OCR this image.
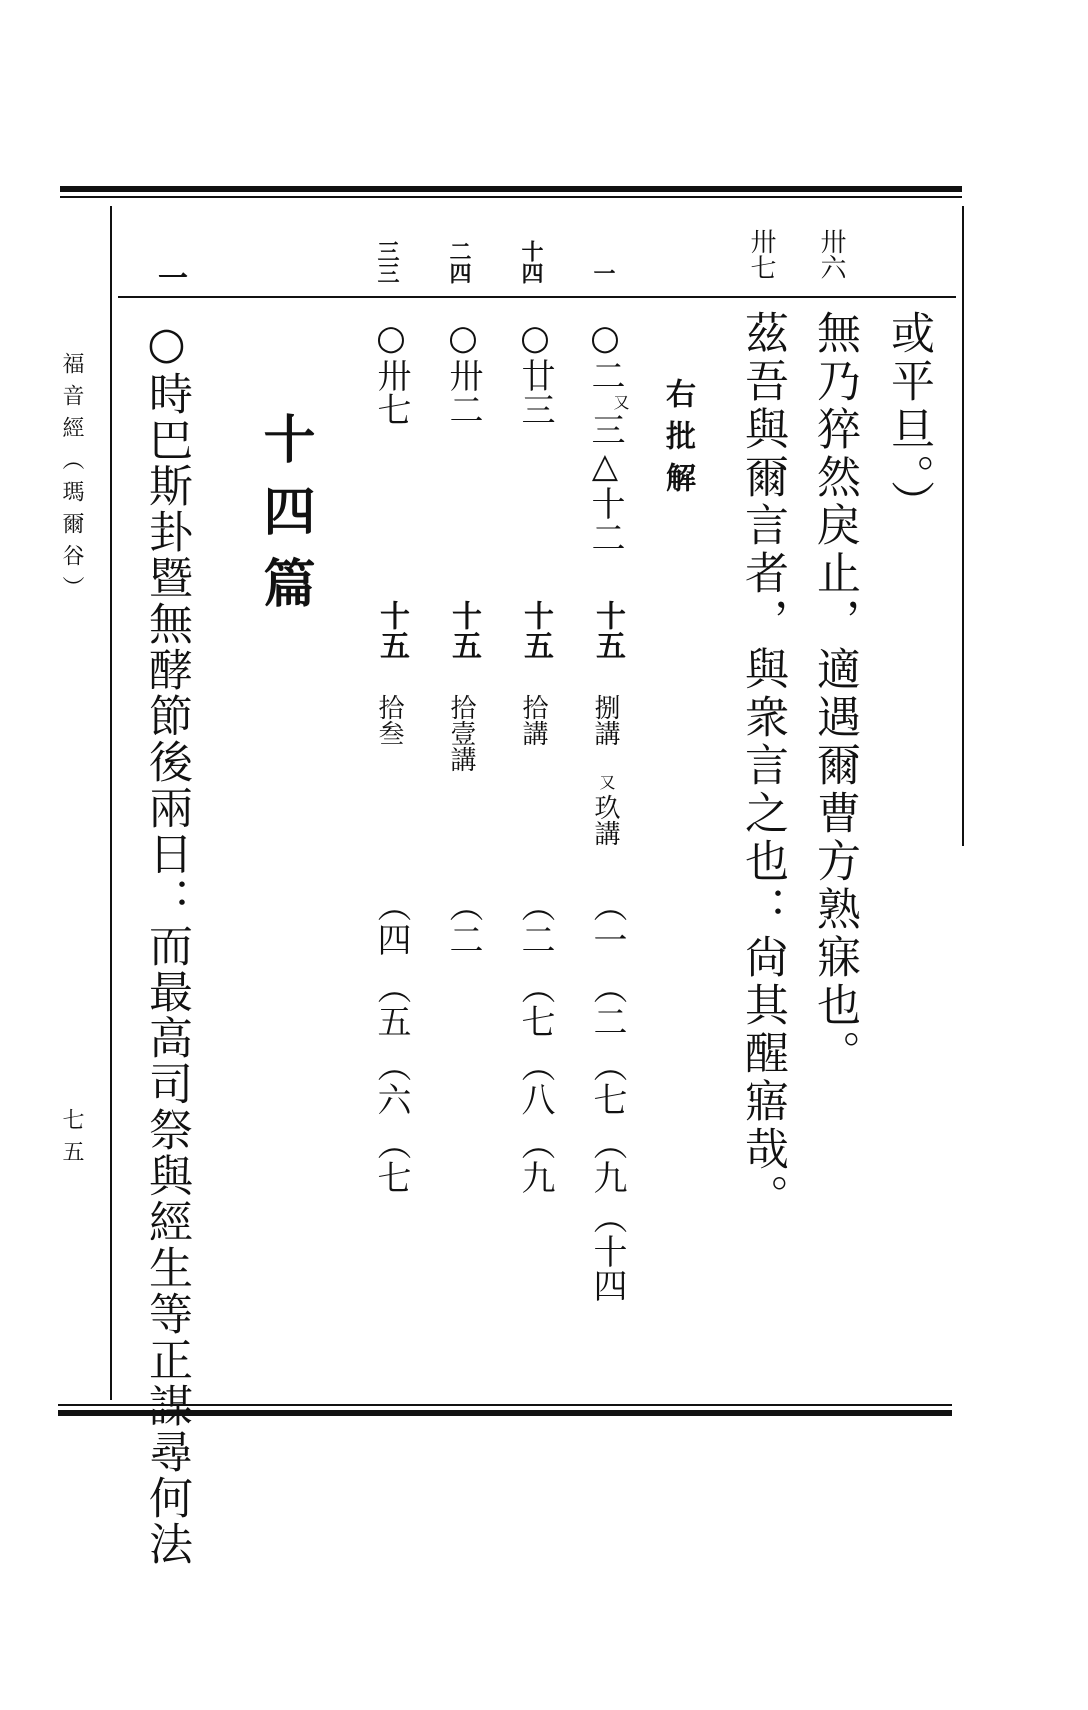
福音經（瑪爾谷）
七五
或平旦。）
卅六
無乃猝然戾止，適遇爾曹方熟寐也。
卅七
茲吾與爾言者，與衆言之也：尙其醒寤哉。
右批解
一
○二
又
三△十二
十五
捌講
又
玖講
（一
（二
（七
（九
（十四
十四
○廿三
十五
拾講
（二
（七
（八
（九
二四
○卅二
十五
拾壹講
（二
三三
○卅七
十五
拾叁
（四
（五
（六
（七
十四篇
一
○時巴斯卦暨無酵節後兩日：而最高司祭與經生等正謀尋何法
